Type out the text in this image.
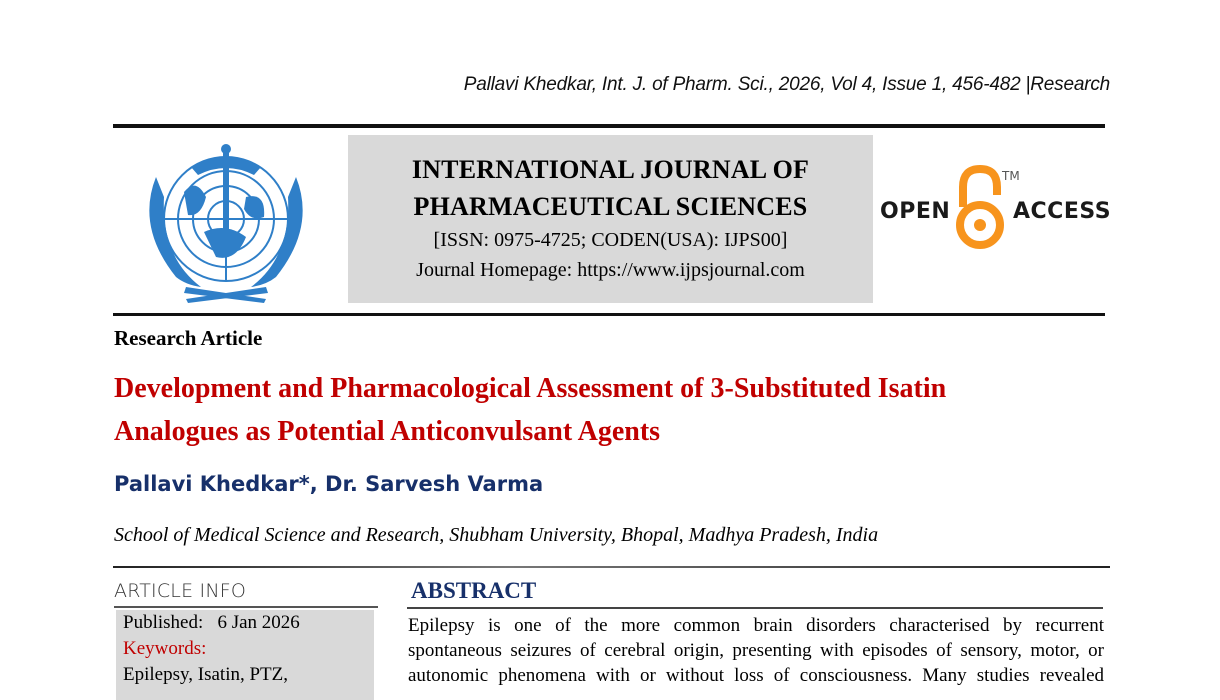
Pallavi Khedkar, Int. J. of Pharm. Sci., 2026, Vol 4, Issue 1, 456-482 |Research
INTERNATIONAL JOURNAL OF
PHARMACEUTICAL SCIENCES
[ISSN: 0975-4725; CODEN(USA): IJPS00]
Journal Homepage: https://www.ijpsjournal.com
OPEN
TM
ACCESS
Research Article
Development and Pharmacological Assessment of 3-Substituted Isatin
Analogues as Potential Anticonvulsant Agents
Pallavi Khedkar*, Dr. Sarvesh Varma
School of Medical Science and Research, Shubham University, Bhopal, Madhya Pradesh, India
ARTICLE INFO
Published: 6 Jan 2026
Keywords:
Epilepsy, Isatin, PTZ,
ABSTRACT
Epilepsy is one of the more common brain disorders characterised by recurrent
spontaneous seizures of cerebral origin, presenting with episodes of sensory, motor, or
autonomic phenomena with or without loss of consciousness. Many studies revealed
